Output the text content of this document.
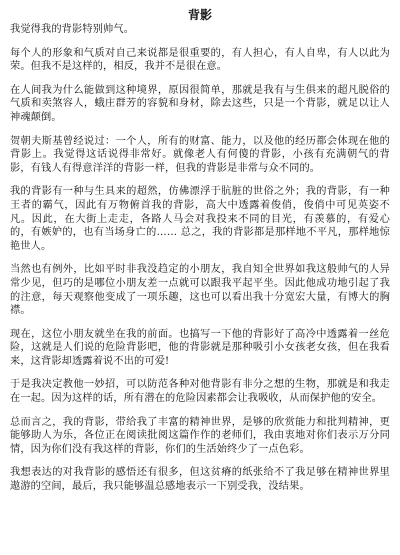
背影

我觉得我的背影特别帅气。

每个人的形象和气质对自己来说都是很重要的，有人担心，有人自卑，有人以此为荣。但我不是这样的，相反，我并不是很在意。

在人间我为什么能做到这种境界，原因很简单，那就是我有与生俱来的超凡脱俗的气质和卖煞容人，蛾庄群芳的容貌和身材，除去这些，只是一个背影，就足以让人神魂颠倒。

贺朝夫斯基曾经说过：一个人，所有的财富、能力，以及他的经历都会体现在他的背影上。我觉得这话说得非常好。就像老人有何傻的背影，小孩有充满朝气的背影，有钱人有得意洋洋的背影一样，但我的背影是非常与众不同的。

我的背影有一种与生具来的超然，仿佛漂浮于肮脏的世俗之外；我的背影，有一种王者的霸气，因此有万物俯首我的背影，高大中透露着俊俏，俊俏中可见英姿不凡。因此，在大街上走走，各路人马会对我投来不同的目光，有羡慕的，有爱心的，有嫉妒的，也有当场身亡的…… 总之，我的背影都是那样地不平凡，那样地惊艳世人。

当然也有例外，比如平时非我没趋定的小朋友，我自知全世界如我这般帅气的人异常少见，但巧的是哪位小朋友差一点就可以跟我平起平坐。因此他成功地引起了我的注意，每天观察他变成了一项乐趣，这也可以看出我十分宽宏大量，有博大的胸襟。

现在，这位小朋友就坐在我的前面。也搞写一下他的背影好了高冷中透露着一丝危险，这就是人们说的危险背影吧，他的背影就是那种吸引小女孩老女孩，但在我看来，这背影却透露着说不出的可爱!

于是我决定教他一妙招，可以防范各种对他背影有非分之想的生物，那就是和我走在一起。因为这样的话，所有潜在的危险因素都会让我吸收，从而保护他的安全。

总而言之，我的背影，带给我了丰富的精神世界，是够的欣赏能力和批判精神，更能够助人为乐，各位正在阅读批阅这篇作作的老师们，我由衷地对你们表示万分同情，因为你们没有我这样的背影，你们的生活始终少了一点色彩。

我想表达的对我背影的感悟还有很多，但这贫瘠的纸张给不了我足够在精神世界里遨游的空间，最后，我只能够温总感地表示一下别受我，没结果。
